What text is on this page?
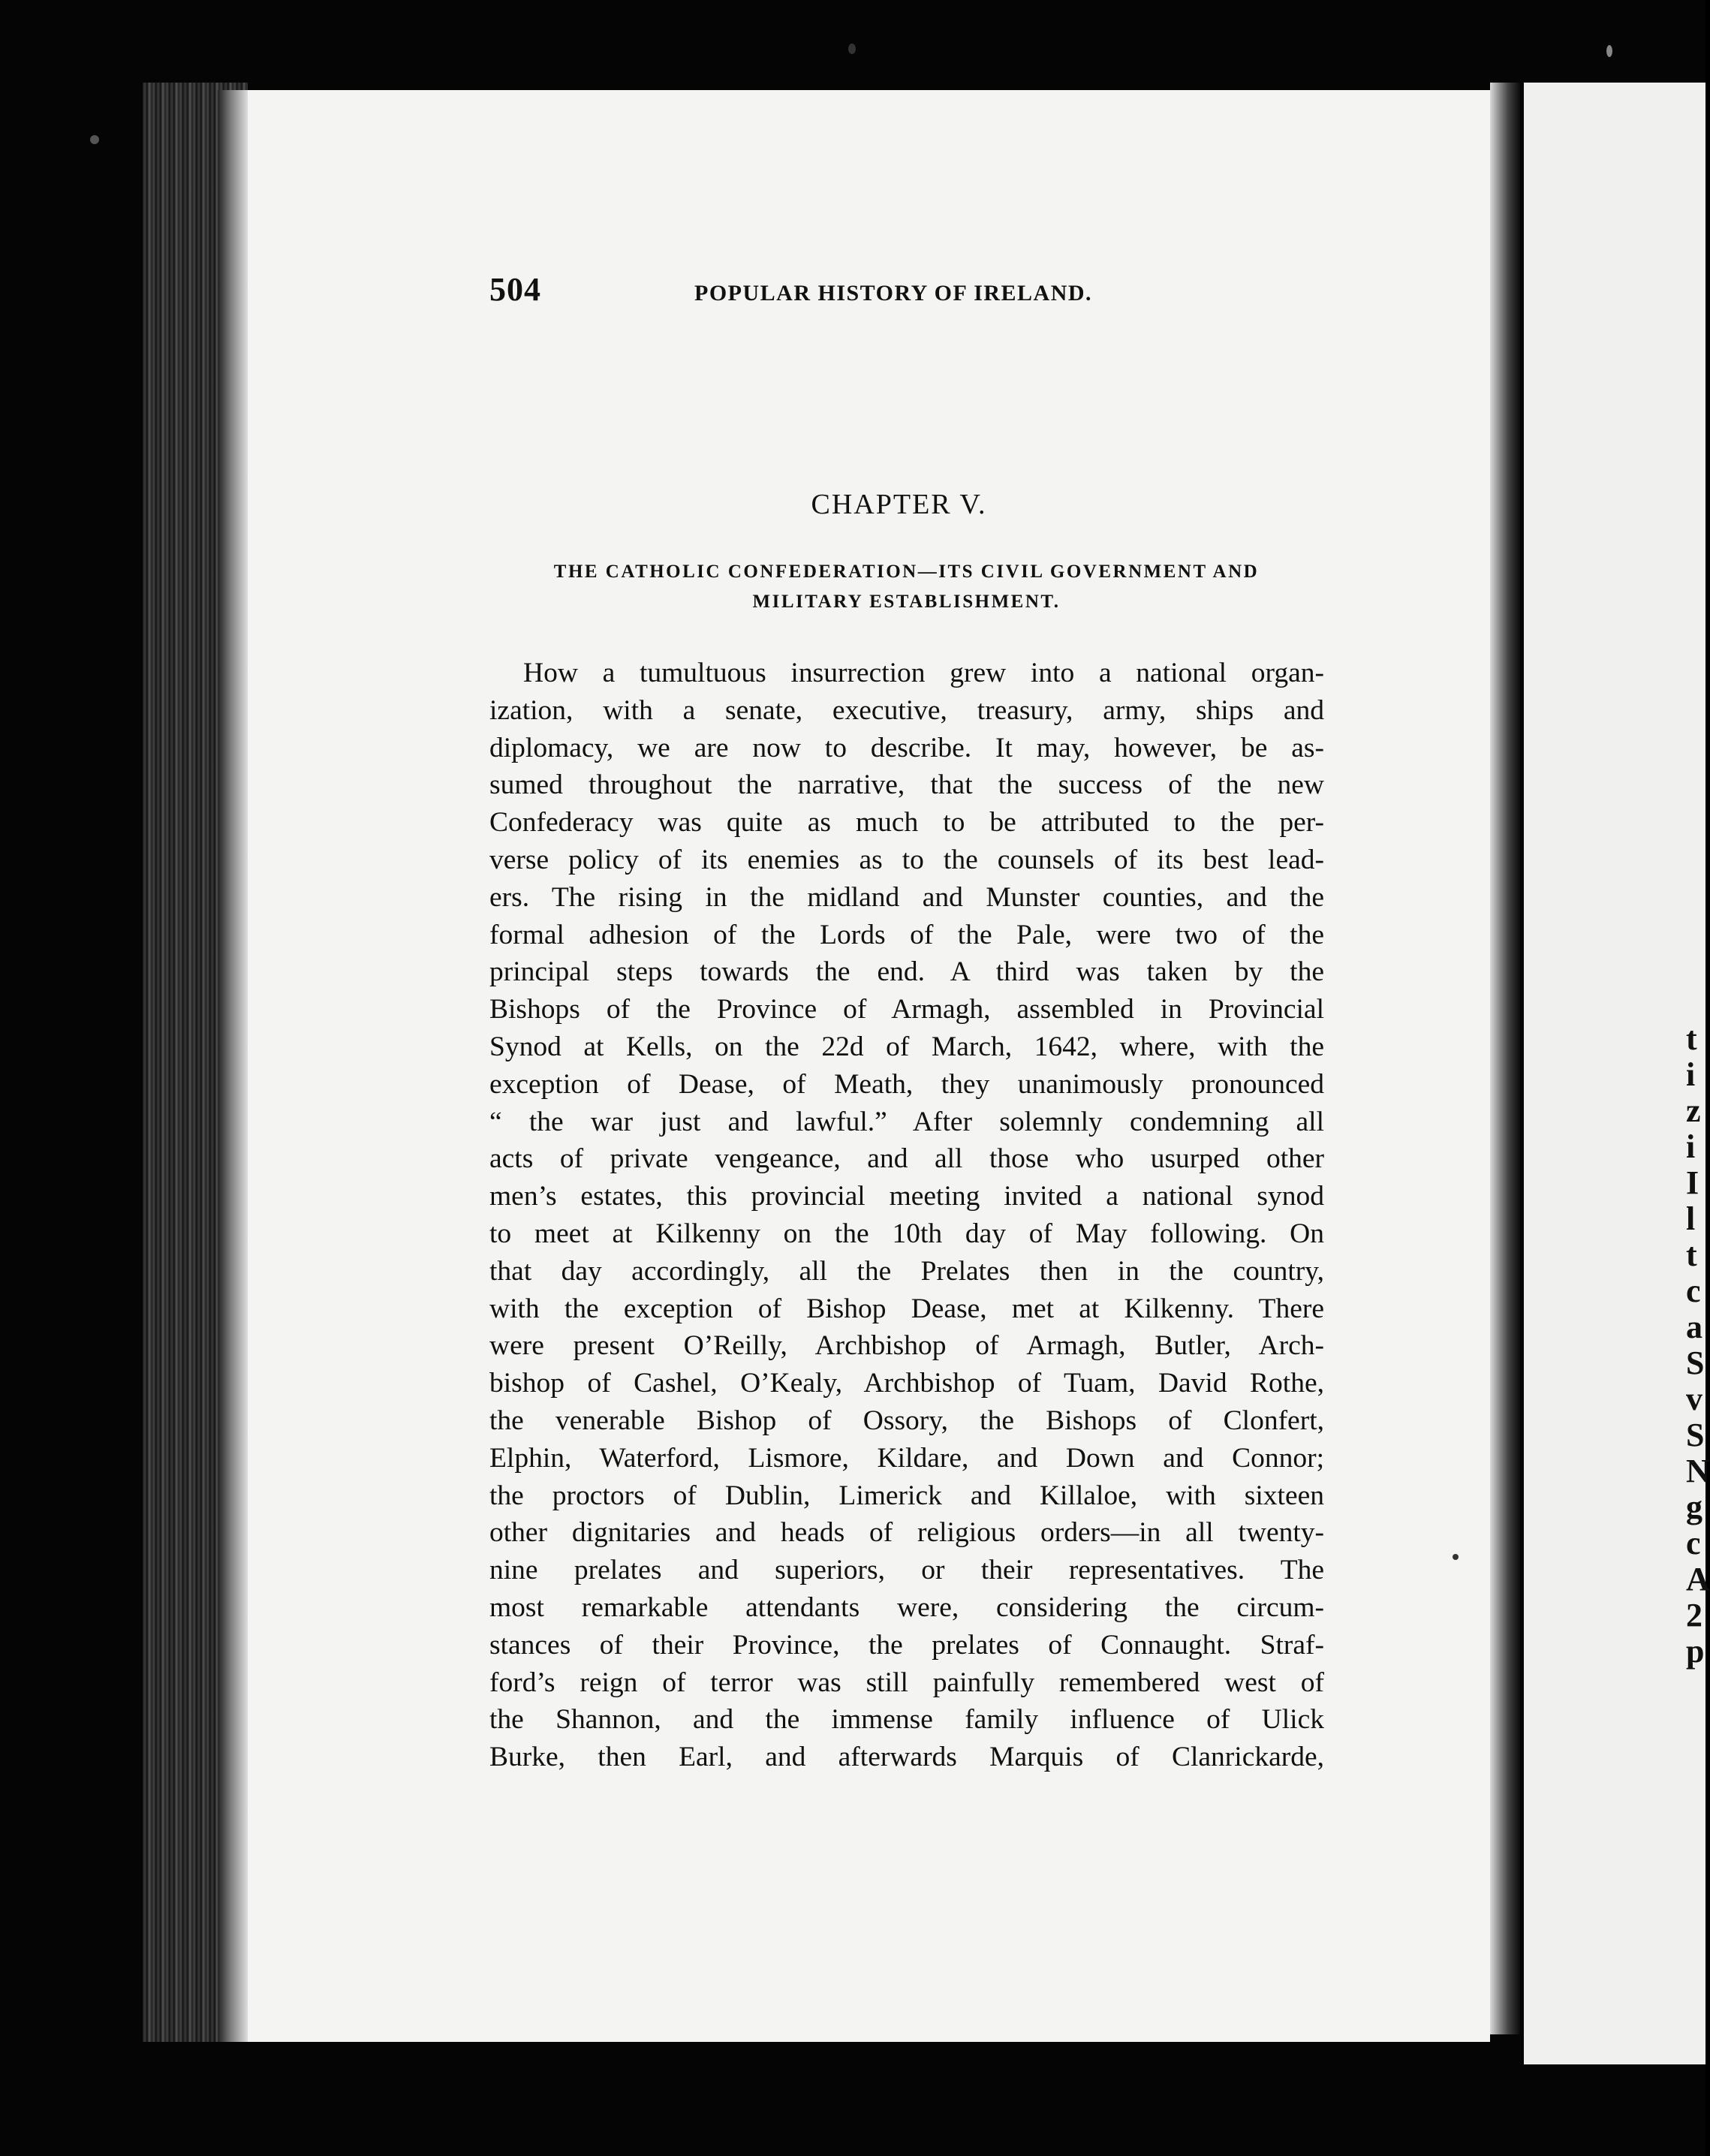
t
i
z
i
I
l
t
c
a
S
v
S
N
g
c
A
2
p
504	POPULAR HISTORY OF IRELAND.
CHAPTER V.
THE CATHOLIC CONFEDERATION—ITS CIVIL GOVERNMENT AND
MILITARY ESTABLISHMENT.
How a tumultuous insurrection grew into a national organ-
ization, with a senate, executive, treasury, army, ships and
diplomacy, we are now to describe. It may, however, be as-
sumed throughout the narrative, that the success of the new
Confederacy was quite as much to be attributed to the per-
verse policy of its enemies as to the counsels of its best lead-
ers. The rising in the midland and Munster counties, and the
formal adhesion of the Lords of the Pale, were two of the
principal steps towards the end. A third was taken by the
Bishops of the Province of Armagh, assembled in Provincial
Synod at Kells, on the 22d of March, 1642, where, with the
exception of Dease, of Meath, they unanimously pronounced
“ the war just and lawful.” After solemnly condemning all
acts of private vengeance, and all those who usurped other
men’s estates, this provincial meeting invited a national synod
to meet at Kilkenny on the 10th day of May following. On
that day accordingly, all the Prelates then in the country,
with the exception of Bishop Dease, met at Kilkenny. There
were present O’Reilly, Archbishop of Armagh, Butler, Arch-
bishop of Cashel, O’Kealy, Archbishop of Tuam, David Rothe,
the venerable Bishop of Ossory, the Bishops of Clonfert,
Elphin, Waterford, Lismore, Kildare, and Down and Connor;
the proctors of Dublin, Limerick and Killaloe, with sixteen
other dignitaries and heads of religious orders—in all twenty-
nine prelates and superiors, or their representatives. The
most remarkable attendants were, considering the circum-
stances of their Province, the prelates of Connaught. Straf-
ford’s reign of terror was still painfully remembered west of
the Shannon, and the immense family influence of Ulick
Burke, then Earl, and afterwards Marquis of Clanrickarde,
